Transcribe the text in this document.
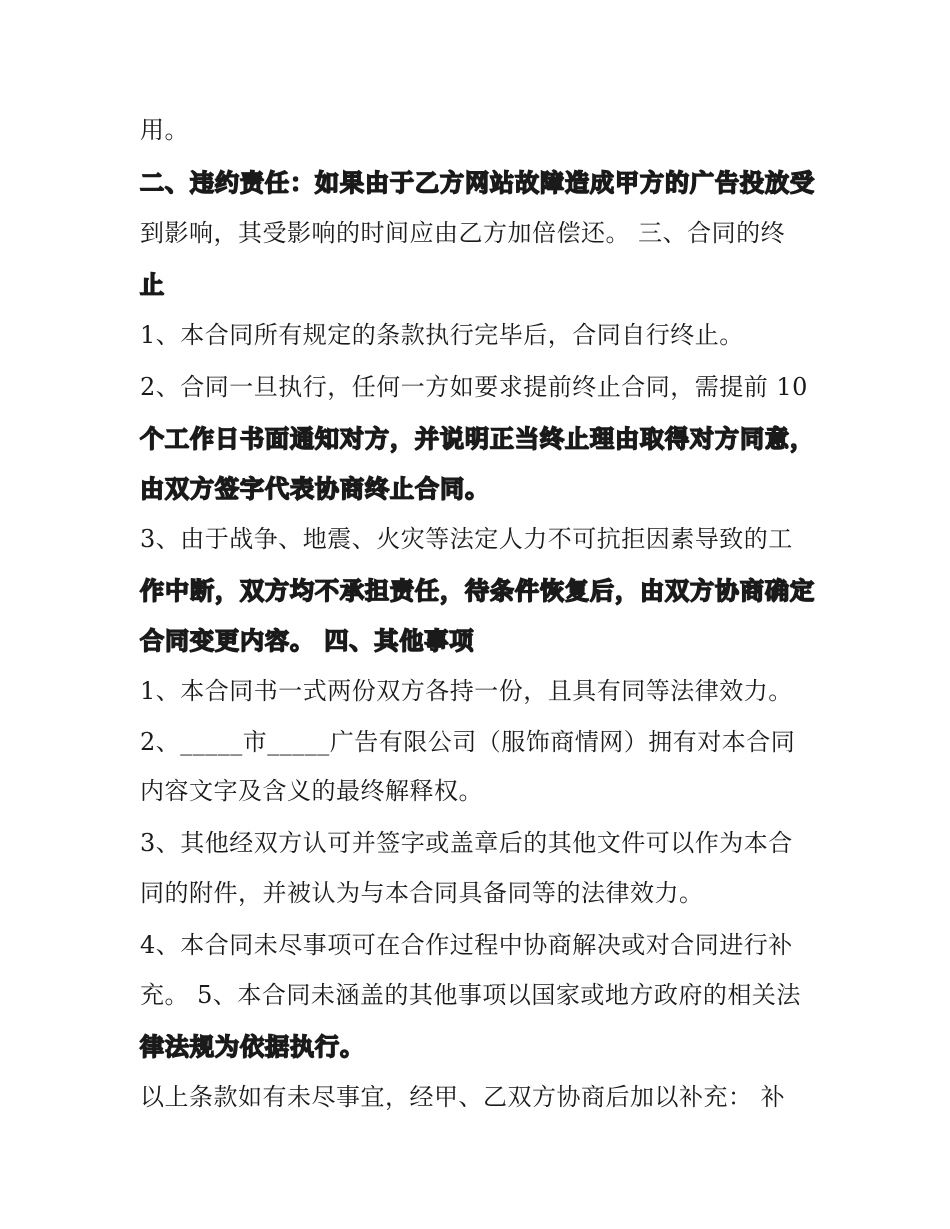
用。
二、违约责任：如果由于乙方网站故障造成甲方的广告投放受
到影响，其受影响的时间应由乙方加倍偿还。 三、合同的终
止
1、本合同所有规定的条款执行完毕后，合同自行终止。
2、合同一旦执行，任何一方如要求提前终止合同，需提前 10
个工作日书面通知对方，并说明正当终止理由取得对方同意，
由双方签字代表协商终止合同。
3、由于战争、地震、火灾等法定人力不可抗拒因素导致的工
作中断，双方均不承担责任，待条件恢复后，由双方协商确定
合同变更内容。 四、其他事项
1、本合同书一式两份双方各持一份，且具有同等法律效力。
2、_____市_____广告有限公司（服饰商情网）拥有对本合同
内容文字及含义的最终解释权。
3、其他经双方认可并签字或盖章后的其他文件可以作为本合
同的附件，并被认为与本合同具备同等的法律效力。
4、本合同未尽事项可在合作过程中协商解决或对合同进行补
充。 5、本合同未涵盖的其他事项以国家或地方政府的相关法
律法规为依据执行。
以上条款如有未尽事宜，经甲、乙双方协商后加以补充： 补
